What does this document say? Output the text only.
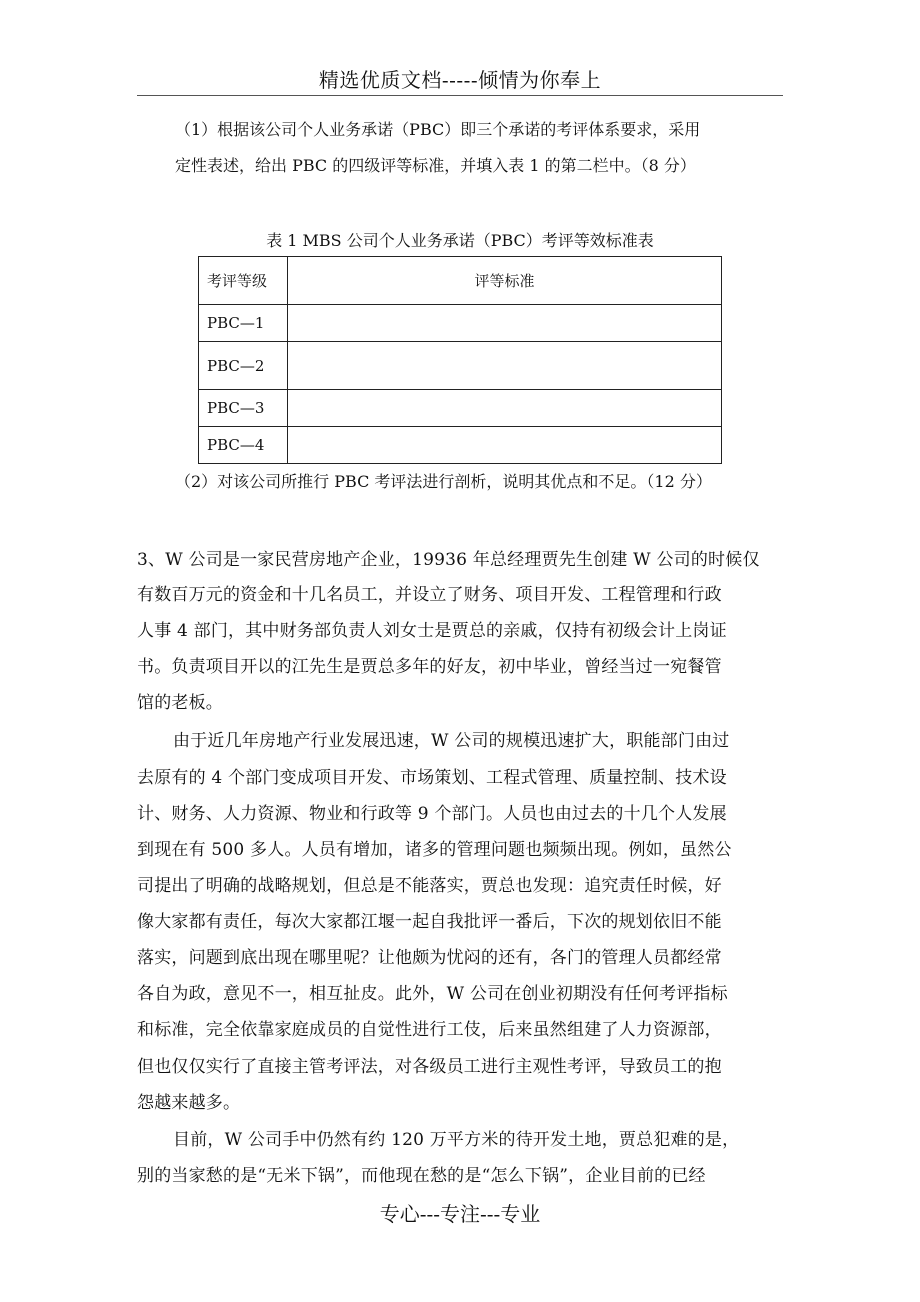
精选优质文档-----倾情为你奉上
（1）根据该公司个人业务承诺（PBC）即三个承诺的考评体系要求，采用
定性表述，给出 PBC 的四级评等标准，并填入表 1 的第二栏中。（8 分）
表 1 MBS 公司个人业务承诺（PBC）考评等效标准表
考评等级	评等标准
PBC—1	
PBC—2	
PBC—3	
PBC—4	
（2）对该公司所推行 PBC 考评法进行剖析，说明其优点和不足。（12 分）
3、W 公司是一家民营房地产企业，19936 年总经理贾先生创建 W 公司的时候仅
有数百万元的资金和十几名员工，并设立了财务、项目开发、工程管理和行政
人事 4 部门，其中财务部负责人刘女士是贾总的亲戚，仅持有初级会计上岗证
书。负责项目开以的江先生是贾总多年的好友，初中毕业，曾经当过一宛餐管
馆的老板。
由于近几年房地产行业发展迅速，W 公司的规模迅速扩大，职能部门由过
去原有的 4 个部门变成项目开发、市场策划、工程式管理、质量控制、技术设
计、财务、人力资源、物业和行政等 9 个部门。人员也由过去的十几个人发展
到现在有 500 多人。人员有增加，诸多的管理问题也频频出现。例如，虽然公
司提出了明确的战略规划，但总是不能落实，贾总也发现：追究责任时候，好
像大家都有责任，每次大家都江堰一起自我批评一番后，下次的规划依旧不能
落实，问题到底出现在哪里呢？让他颇为忧闷的还有，各门的管理人员都经常
各自为政，意见不一，相互扯皮。此外，W 公司在创业初期没有任何考评指标
和标准，完全依靠家庭成员的自觉性进行工伎，后来虽然组建了人力资源部，
但也仅仅实行了直接主管考评法，对各级员工进行主观性考评，导致员工的抱
怨越来越多。
目前，W 公司手中仍然有约 120 万平方米的待开发土地，贾总犯难的是，
别的当家愁的是“无米下锅”，而他现在愁的是“怎么下锅”，企业目前的已经
专心---专注---专业
